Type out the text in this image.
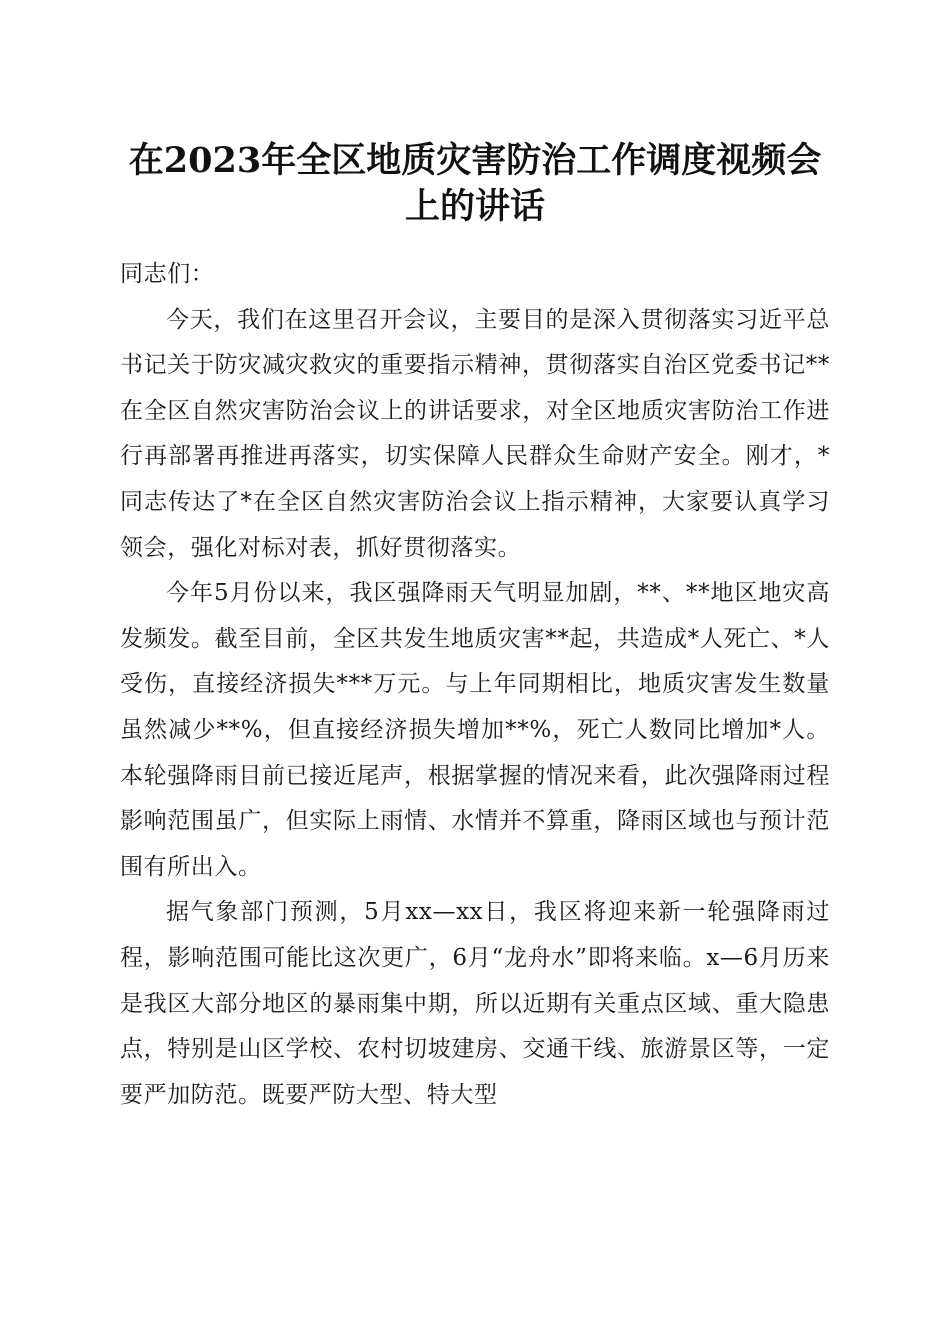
在2023年全区地质灾害防治工作调度视频会
上的讲话

同志们：

今天，我们在这里召开会议，主要目的是深入贯彻落实习近平总书记关于防灾减灾救灾的重要指示精神，贯彻落实自治区党委书记**在全区自然灾害防治会议上的讲话要求，对全区地质灾害防治工作进行再部署再推进再落实，切实保障人民群众生命财产安全。刚才，*同志传达了*在全区自然灾害防治会议上指示精神，大家要认真学习领会，强化对标对表，抓好贯彻落实。

今年5月份以来，我区强降雨天气明显加剧，**、**地区地灾高发频发。截至目前，全区共发生地质灾害**起，共造成*人死亡、*人受伤，直接经济损失***万元。与上年同期相比，地质灾害发生数量虽然减少**%，但直接经济损失增加**%，死亡人数同比增加*人。本轮强降雨目前已接近尾声，根据掌握的情况来看，此次强降雨过程影响范围虽广，但实际上雨情、水情并不算重，降雨区域也与预计范围有所出入。

据气象部门预测，5月xx—xx日，我区将迎来新一轮强降雨过程，影响范围可能比这次更广，6月“龙舟水”即将来临。x—6月历来是我区大部分地区的暴雨集中期，所以近期有关重点区域、重大隐患点，特别是山区学校、农村切坡建房、交通干线、旅游景区等，一定要严加防范。既要严防大型、特大型
